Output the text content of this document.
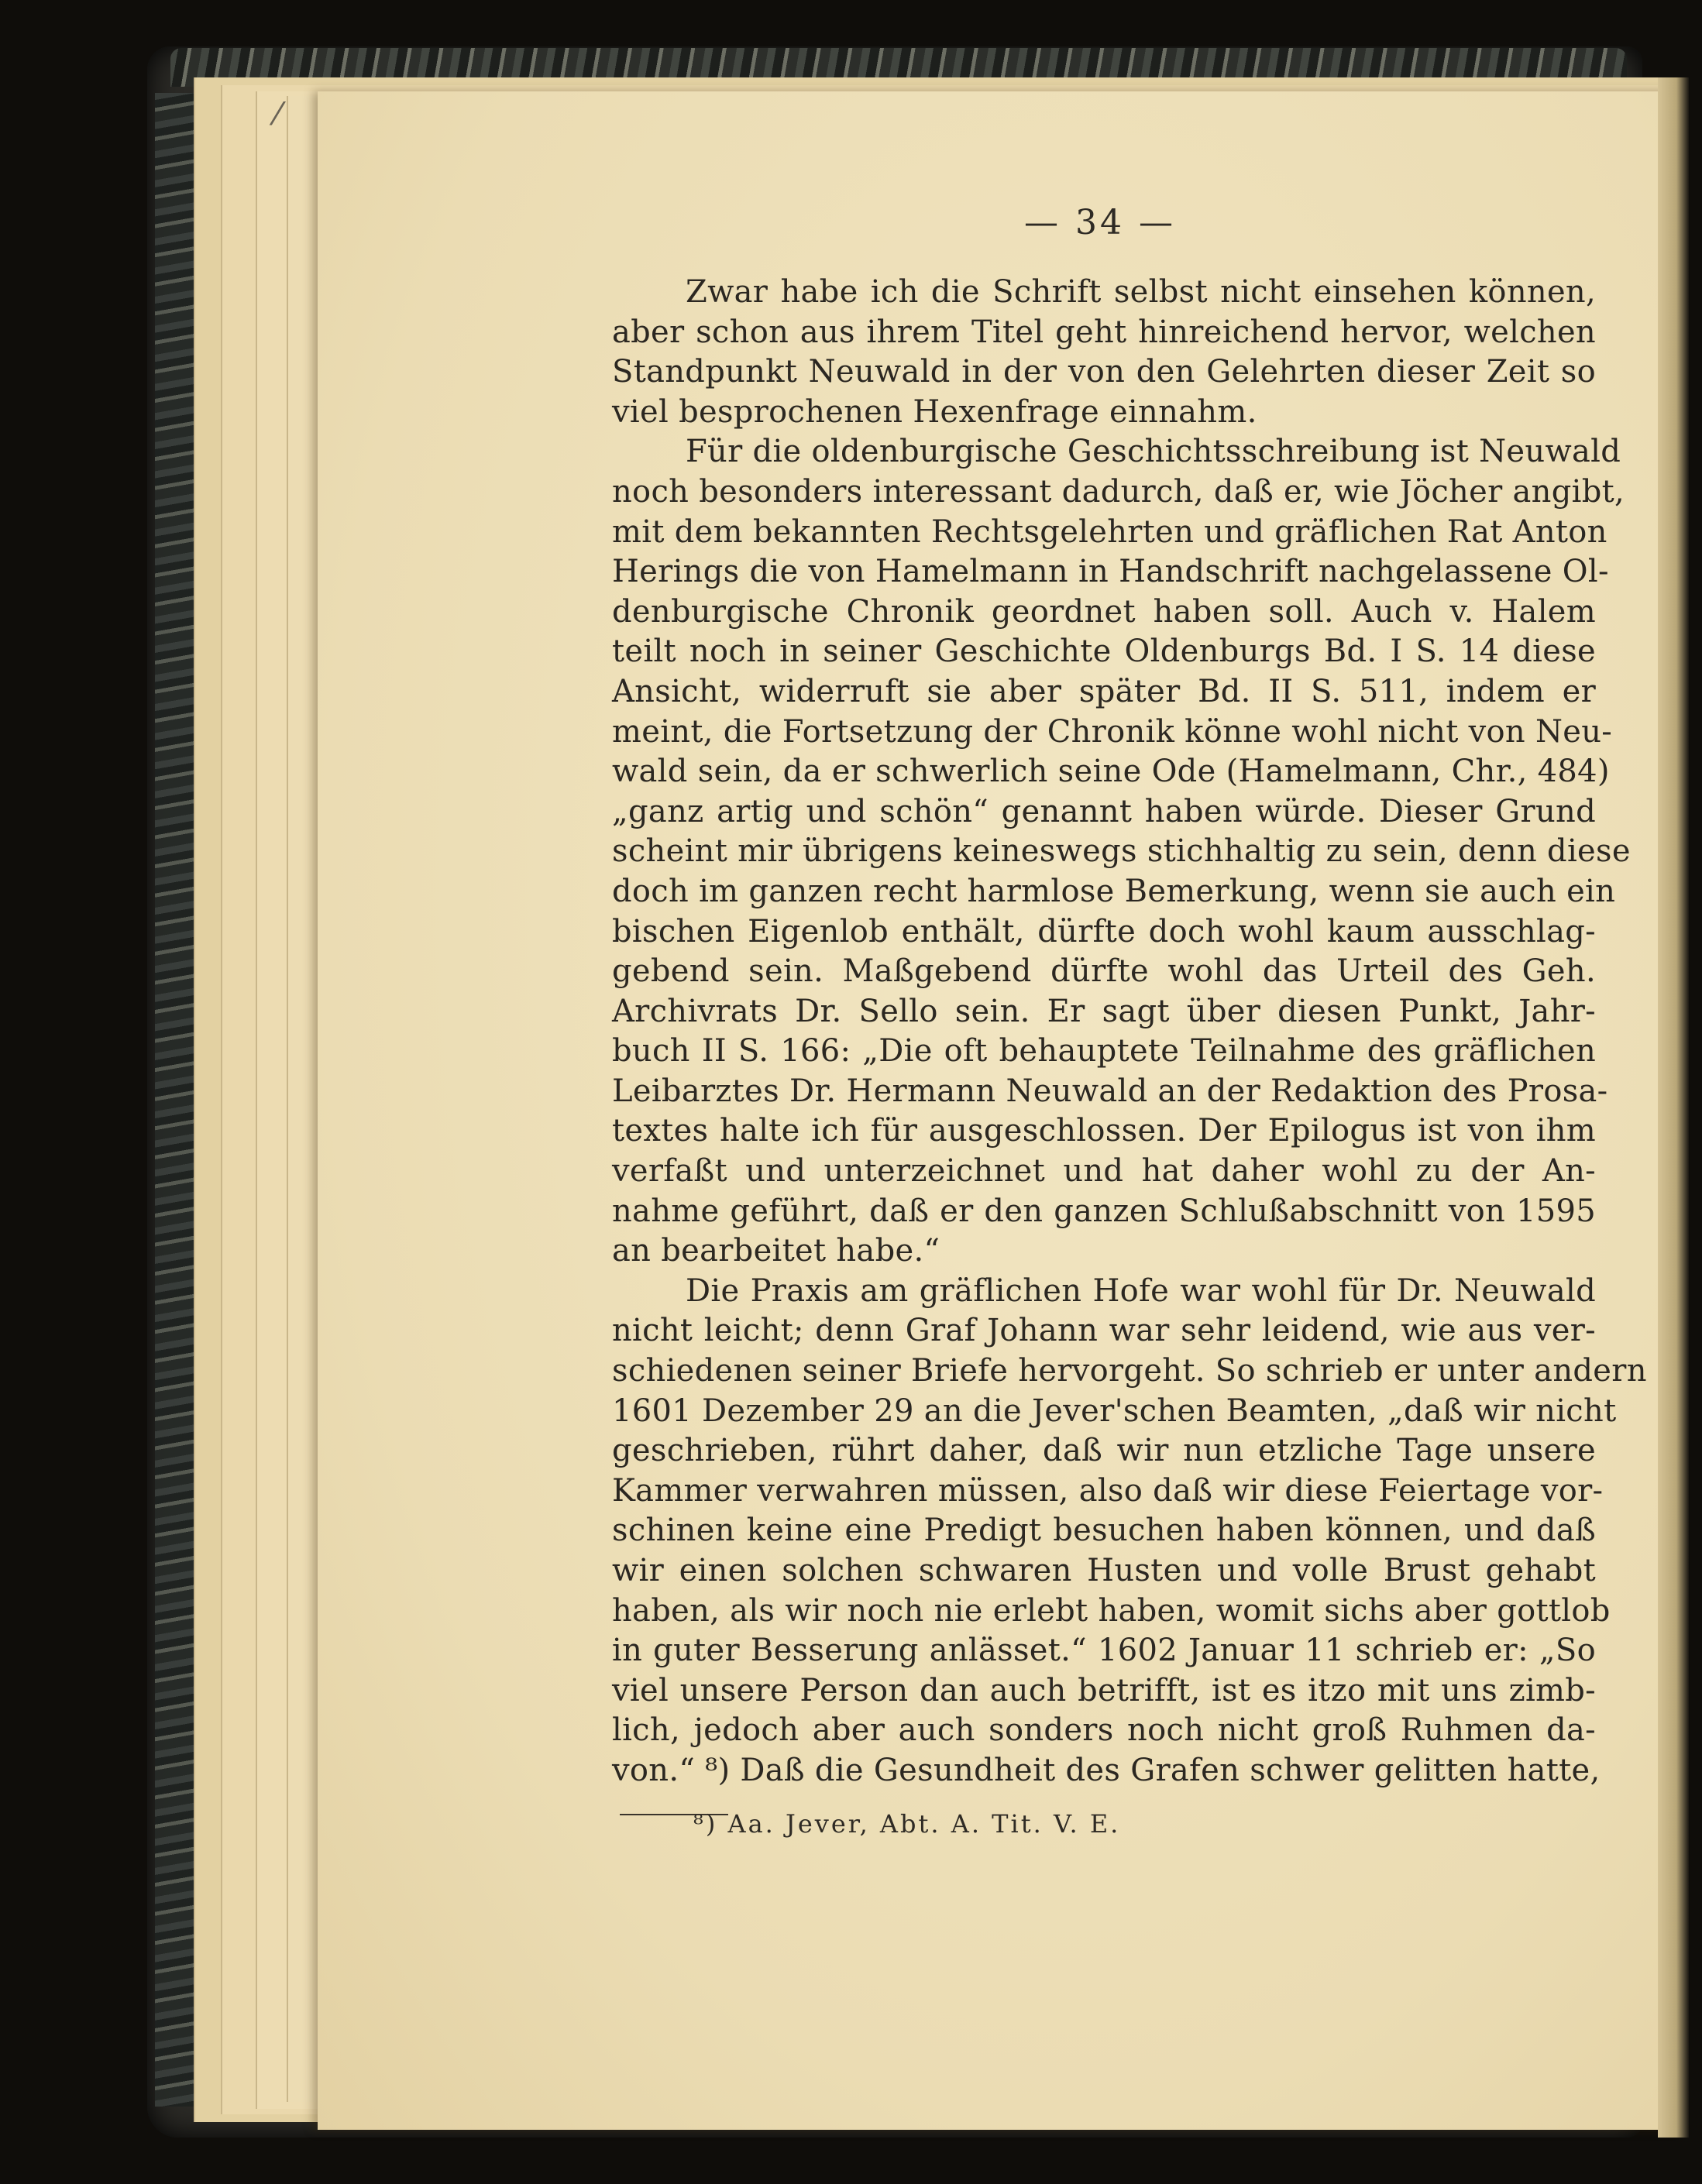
⁄
— 34 —
Zwar habe ich die Schrift selbst nicht einsehen können,
aber schon aus ihrem Titel geht hinreichend hervor, welchen
Standpunkt Neuwald in der von den Gelehrten dieser Zeit so
viel besprochenen Hexenfrage einnahm.
Für die oldenburgische Geschichtsschreibung ist Neuwald
noch besonders interessant dadurch, daß er, wie Jöcher angibt,
mit dem bekannten Rechtsgelehrten und gräflichen Rat Anton
Herings die von Hamelmann in Handschrift nachgelassene Ol-
denburgische Chronik geordnet haben soll. Auch v. Halem
teilt noch in seiner Geschichte Oldenburgs Bd. I S. 14 diese
Ansicht, widerruft sie aber später Bd. II S. 511, indem er
meint, die Fortsetzung der Chronik könne wohl nicht von Neu-
wald sein, da er schwerlich seine Ode (Hamelmann, Chr., 484)
„ganz artig und schön“ genannt haben würde. Dieser Grund
scheint mir übrigens keineswegs stichhaltig zu sein, denn diese
doch im ganzen recht harmlose Bemerkung, wenn sie auch ein
bischen Eigenlob enthält, dürfte doch wohl kaum ausschlag-
gebend sein. Maßgebend dürfte wohl das Urteil des Geh.
Archivrats Dr. Sello sein. Er sagt über diesen Punkt, Jahr-
buch II S. 166: „Die oft behauptete Teilnahme des gräflichen
Leibarztes Dr. Hermann Neuwald an der Redaktion des Prosa-
textes halte ich für ausgeschlossen. Der Epilogus ist von ihm
verfaßt und unterzeichnet und hat daher wohl zu der An-
nahme geführt, daß er den ganzen Schlußabschnitt von 1595
an bearbeitet habe.“
Die Praxis am gräflichen Hofe war wohl für Dr. Neuwald
nicht leicht; denn Graf Johann war sehr leidend, wie aus ver-
schiedenen seiner Briefe hervorgeht. So schrieb er unter andern
1601 Dezember 29 an die Jever'schen Beamten, „daß wir nicht
geschrieben, rührt daher, daß wir nun etzliche Tage unsere
Kammer verwahren müssen, also daß wir diese Feiertage vor-
schinen keine eine Predigt besuchen haben können, und daß
wir einen solchen schwaren Husten und volle Brust gehabt
haben, als wir noch nie erlebt haben, womit sichs aber gottlob
in guter Besserung anlässet.“ 1602 Januar 11 schrieb er: „So
viel unsere Person dan auch betrifft, ist es itzo mit uns zimb-
lich, jedoch aber auch sonders noch nicht groß Ruhmen da-
von.“ ⁸) Daß die Gesundheit des Grafen schwer gelitten hatte,
⁸) Aa. Jever, Abt. A. Tit. V. E.
